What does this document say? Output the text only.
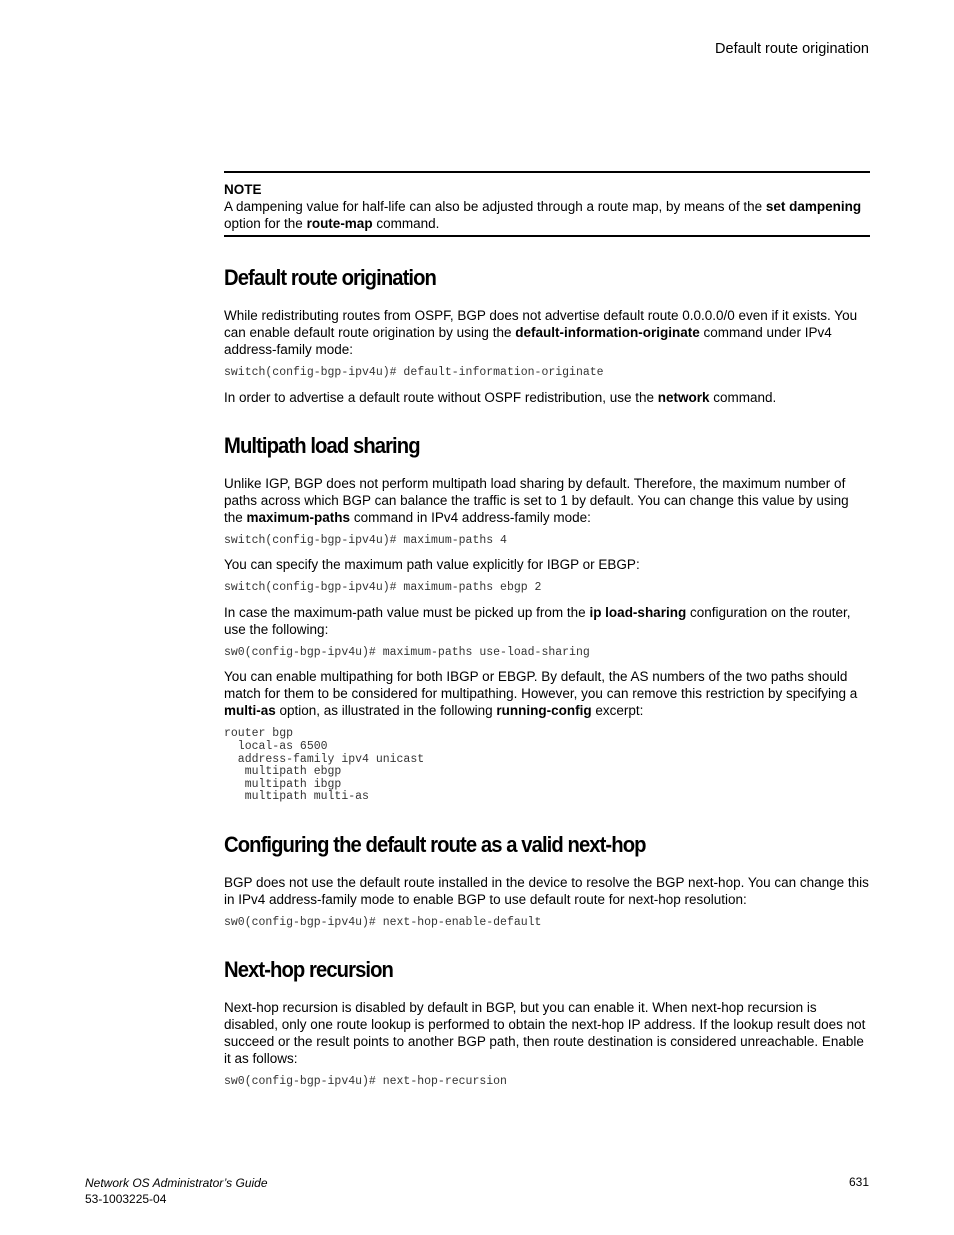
Default route origination
NOTE
A dampening value for half-life can also be adjusted through a route map, by means of the set dampening option for the route-map command.
Default route origination

While redistributing routes from OSPF, BGP does not advertise default route 0.0.0.0/0 even if it exists. You can enable default route origination by using the default-information-originate command under IPv4 address-family mode:

switch(config-bgp-ipv4u)# default-information-originate

In order to advertise a default route without OSPF redistribution, use the network command.

Multipath load sharing

Unlike IGP, BGP does not perform multipath load sharing by default. Therefore, the maximum number of paths across which BGP can balance the traffic is set to 1 by default. You can change this value by using the maximum-paths command in IPv4 address-family mode:

switch(config-bgp-ipv4u)# maximum-paths 4

You can specify the maximum path value explicitly for IBGP or EBGP:

switch(config-bgp-ipv4u)# maximum-paths ebgp 2

In case the maximum-path value must be picked up from the ip load-sharing configuration on the router, use the following:

sw0(config-bgp-ipv4u)# maximum-paths use-load-sharing

You can enable multipathing for both IBGP or EBGP. By default, the AS numbers of the two paths should match for them to be considered for multipathing. However, you can remove this restriction by specifying a multi-as option, as illustrated in the following running-config excerpt:

router bgp
local-as 6500
address-family ipv4 unicast
multipath ebgp
multipath ibgp
multipath multi-as
Configuring the default route as a valid next-hop

BGP does not use the default route installed in the device to resolve the BGP next-hop. You can change this in IPv4 address-family mode to enable BGP to use default route for next-hop resolution:

sw0(config-bgp-ipv4u)# next-hop-enable-default
Next-hop recursion

Next-hop recursion is disabled by default in BGP, but you can enable it. When next-hop recursion is disabled, only one route lookup is performed to obtain the next-hop IP address. If the lookup result does not succeed or the result points to another BGP path, then route destination is considered unreachable. Enable it as follows:

sw0(config-bgp-ipv4u)# next-hop-recursion
Network OS Administrator’s Guide
53-1003225-04
631
